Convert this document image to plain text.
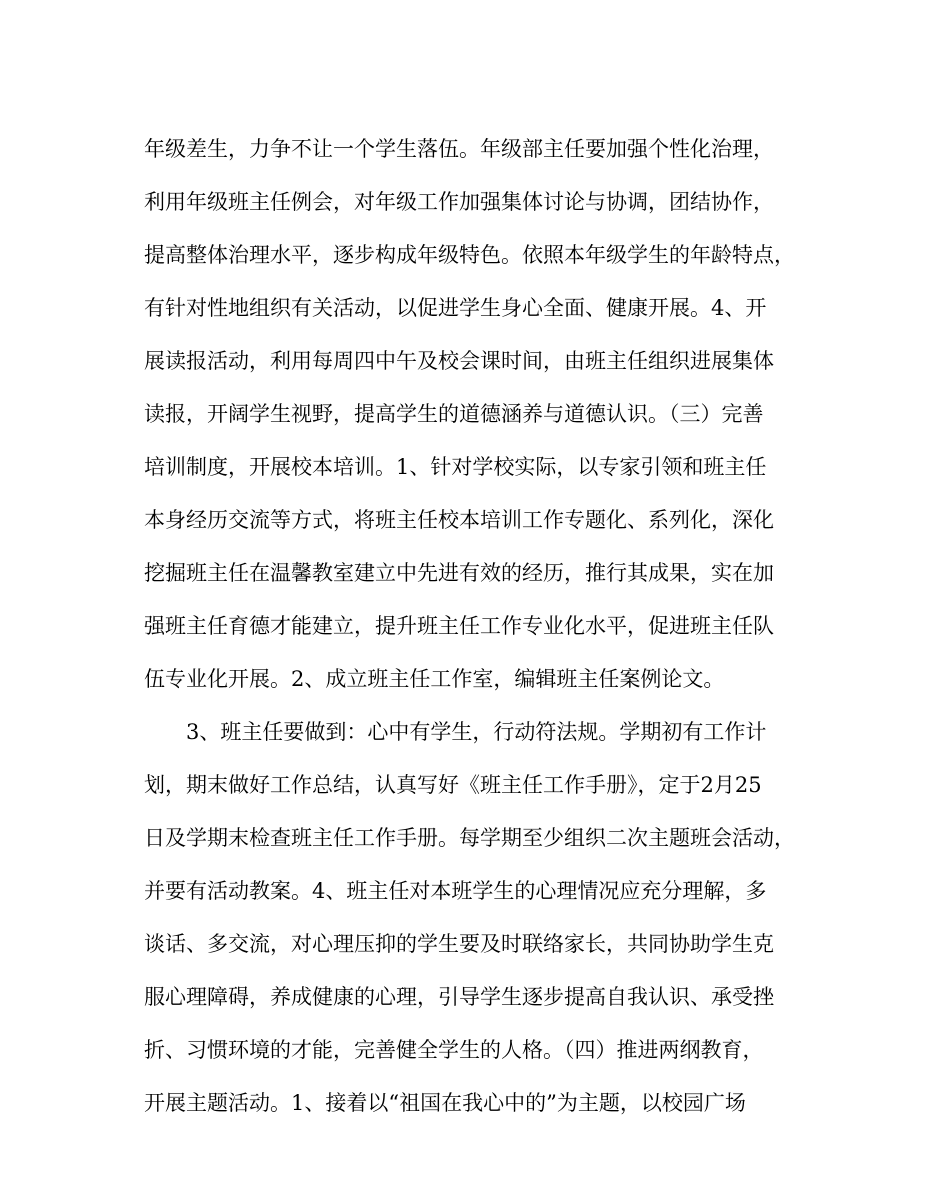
年级差生，力争不让一个学生落伍。年级部主任要加强个性化治理，
利用年级班主任例会，对年级工作加强集体讨论与协调，团结协作，
提高整体治理水平，逐步构成年级特色。依照本年级学生的年龄特点，
有针对性地组织有关活动，以促进学生身心全面、健康开展。4、开
展读报活动，利用每周四中午及校会课时间，由班主任组织进展集体
读报，开阔学生视野，提高学生的道德涵养与道德认识。（三）完善
培训制度，开展校本培训。1、针对学校实际，以专家引领和班主任
本身经历交流等方式，将班主任校本培训工作专题化、系列化，深化
挖掘班主任在温馨教室建立中先进有效的经历，推行其成果，实在加
强班主任育德才能建立，提升班主任工作专业化水平，促进班主任队
伍专业化开展。2、成立班主任工作室，编辑班主任案例论文。
3、班主任要做到：心中有学生，行动符法规。学期初有工作计
划，期末做好工作总结，认真写好《班主任工作手册》，定于2月25
日及学期末检查班主任工作手册。每学期至少组织二次主题班会活动，
并要有活动教案。4、班主任对本班学生的心理情况应充分理解，多
谈话、多交流，对心理压抑的学生要及时联络家长，共同协助学生克
服心理障碍，养成健康的心理，引导学生逐步提高自我认识、承受挫
折、习惯环境的才能，完善健全学生的人格。（四）推进两纲教育，
开展主题活动。1、接着以“祖国在我心中的”为主题，以校园广场
